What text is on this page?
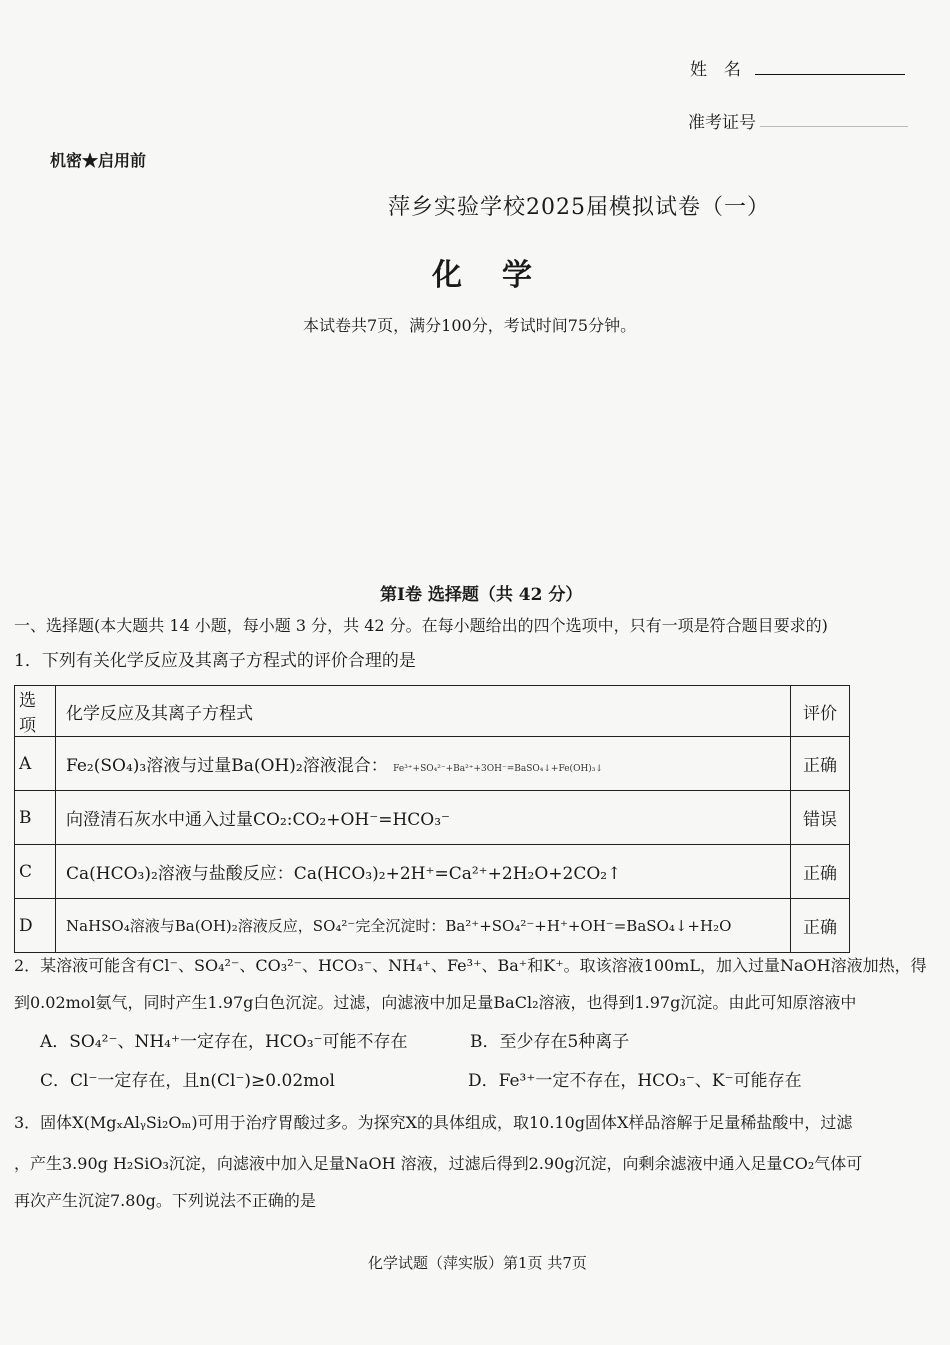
姓　名
准考证号
机密★启用前
萍乡实验学校2025届模拟试卷（一）
化学
本试卷共7页，满分100分，考试时间75分钟。
第Ⅰ卷 选择题（共 42 分）
一、选择题(本大题共 14 小题，每小题 3 分，共 42 分。在每小题给出的四个选项中，只有一项是符合题目要求的)
1．下列有关化学反应及其离子方程式的评价合理的是
选项	化学反应及其离子方程式	评价
A	Fe₂(SO₄)₃溶液与过量Ba(OH)₂溶液混合： Fe³⁺+SO₄²⁻+Ba²⁺+3OH⁻=BaSO₄↓+Fe(OH)₃↓	正确
B	向澄清石灰水中通入过量CO₂:CO₂+OH⁻=HCO₃⁻	错误
C	Ca(HCO₃)₂溶液与盐酸反应：Ca(HCO₃)₂+2H⁺=Ca²⁺+2H₂O+2CO₂↑	正确
D	NaHSO₄溶液与Ba(OH)₂溶液反应，SO₄²⁻完全沉淀时：Ba²⁺+SO₄²⁻+H⁺+OH⁻=BaSO₄↓+H₂O	正确
2．某溶液可能含有Cl⁻、SO₄²⁻、CO₃²⁻、HCO₃⁻、NH₄⁺、Fe³⁺、Ba⁺和K⁺。取该溶液100mL，加入过量NaOH溶液加热，得
到0.02mol氨气，同时产生1.97g白色沉淀。过滤，向滤液中加足量BaCl₂溶液，也得到1.97g沉淀。由此可知原溶液中
A．SO₄²⁻、NH₄⁺一定存在，HCO₃⁻可能不存在	B．至少存在5种离子
C．Cl⁻一定存在，且n(Cl⁻)≥0.02mol	D．Fe³⁺一定不存在，HCO₃⁻、K⁻可能存在
3．固体X(MgₓAlᵧSi₂Oₘ)可用于治疗胃酸过多。为探究X的具体组成，取10.10g固体X样品溶解于足量稀盐酸中，过滤
，产生3.90g H₂SiO₃沉淀，向滤液中加入足量NaOH 溶液，过滤后得到2.90g沉淀，向剩余滤液中通入足量CO₂气体可
再次产生沉淀7.80g。下列说法不正确的是
化学试题（萍实版）第1页 共7页
